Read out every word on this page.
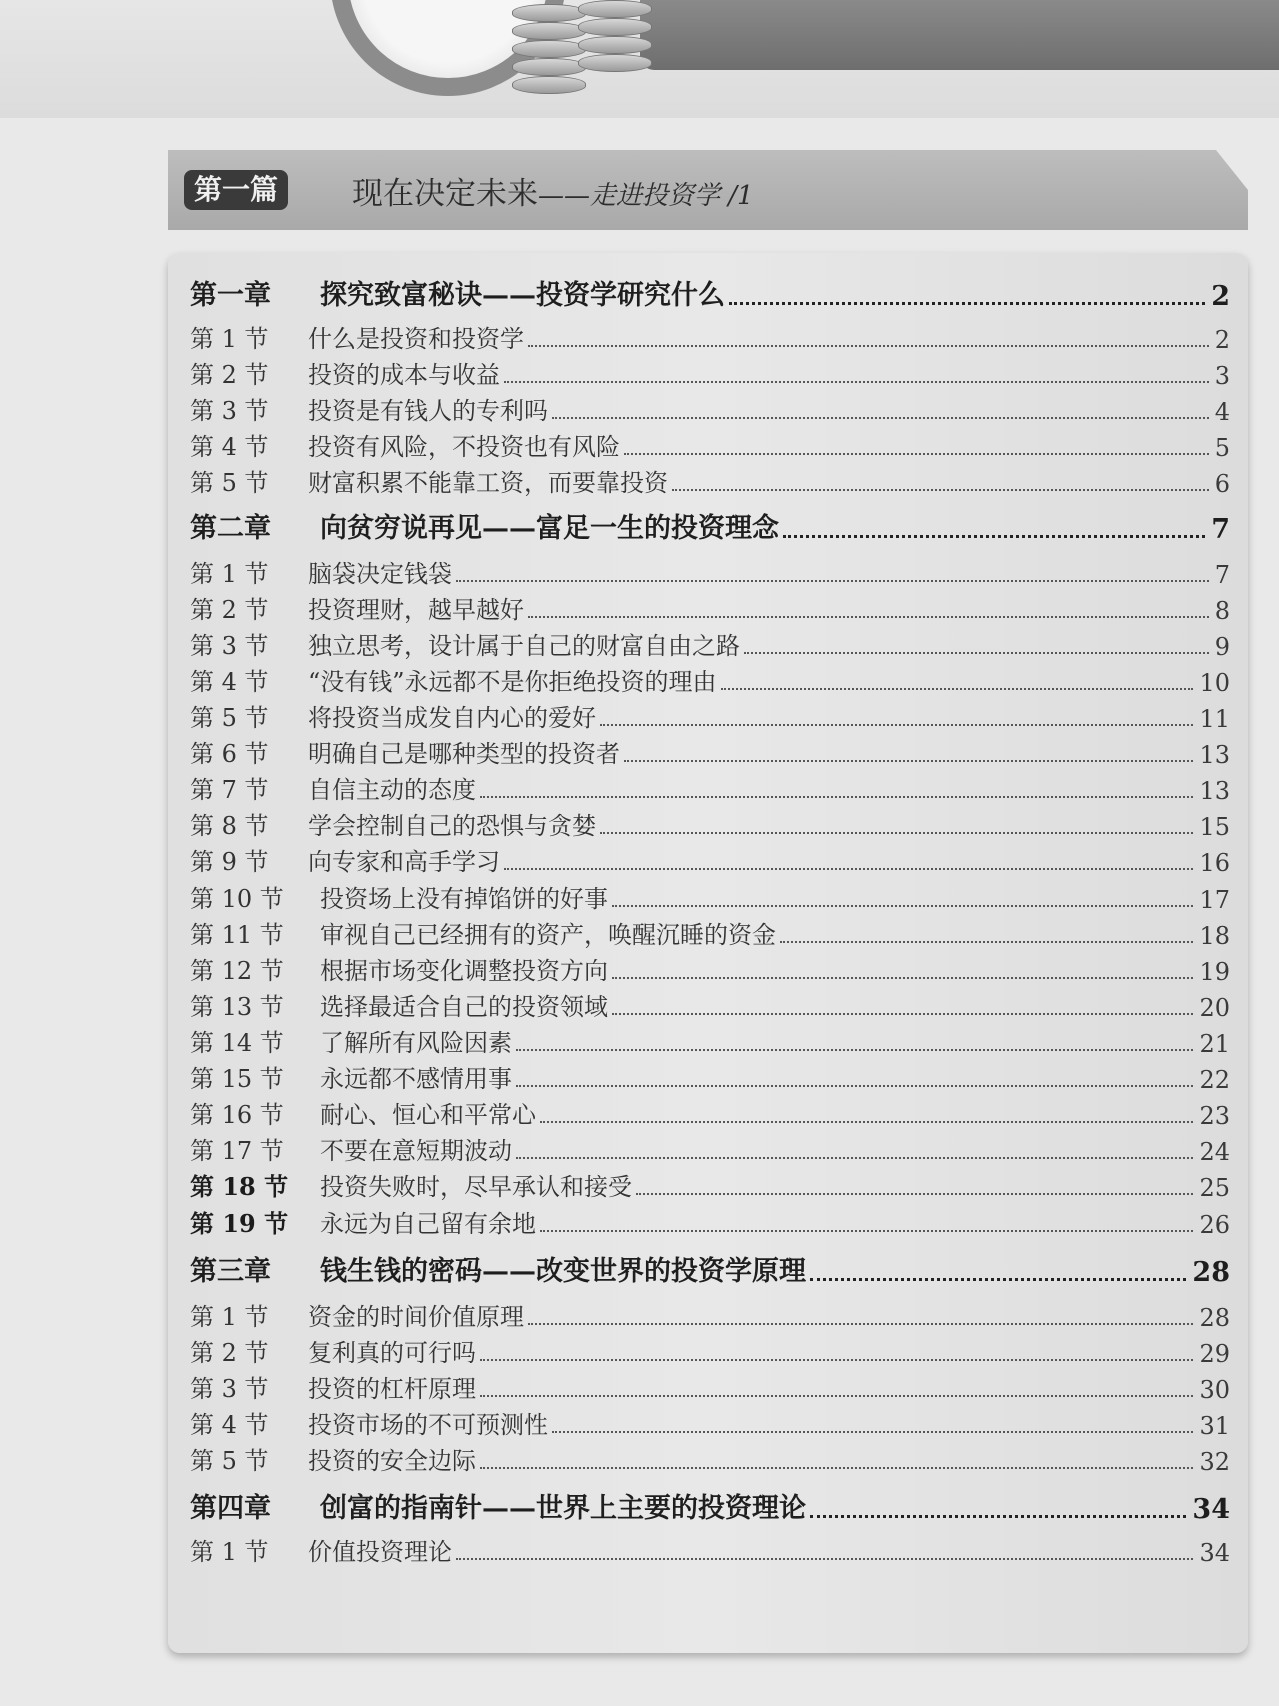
第一篇	现在决定未来——走进投资学 /1
第一章	探究致富秘诀——投资学研究什么	2
第 1 节	什么是投资和投资学	2
第 2 节	投资的成本与收益	3
第 3 节	投资是有钱人的专利吗	4
第 4 节	投资有风险，不投资也有风险	5
第 5 节	财富积累不能靠工资，而要靠投资	6
第二章	向贫穷说再见——富足一生的投资理念	7
第 1 节	脑袋决定钱袋	7
第 2 节	投资理财，越早越好	8
第 3 节	独立思考，设计属于自己的财富自由之路	9
第 4 节	“没有钱”永远都不是你拒绝投资的理由	10
第 5 节	将投资当成发自内心的爱好	11
第 6 节	明确自己是哪种类型的投资者	13
第 7 节	自信主动的态度	13
第 8 节	学会控制自己的恐惧与贪婪	15
第 9 节	向专家和高手学习	16
第 10 节	投资场上没有掉馅饼的好事	17
第 11 节	审视自己已经拥有的资产，唤醒沉睡的资金	18
第 12 节	根据市场变化调整投资方向	19
第 13 节	选择最适合自己的投资领域	20
第 14 节	了解所有风险因素	21
第 15 节	永远都不感情用事	22
第 16 节	耐心、恒心和平常心	23
第 17 节	不要在意短期波动	24
第 18 节	投资失败时，尽早承认和接受	25
第 19 节	永远为自己留有余地	26
第三章	钱生钱的密码——改变世界的投资学原理	28
第 1 节	资金的时间价值原理	28
第 2 节	复利真的可行吗	29
第 3 节	投资的杠杆原理	30
第 4 节	投资市场的不可预测性	31
第 5 节	投资的安全边际	32
第四章	创富的指南针——世界上主要的投资理论	34
第 1 节	价值投资理论	34
